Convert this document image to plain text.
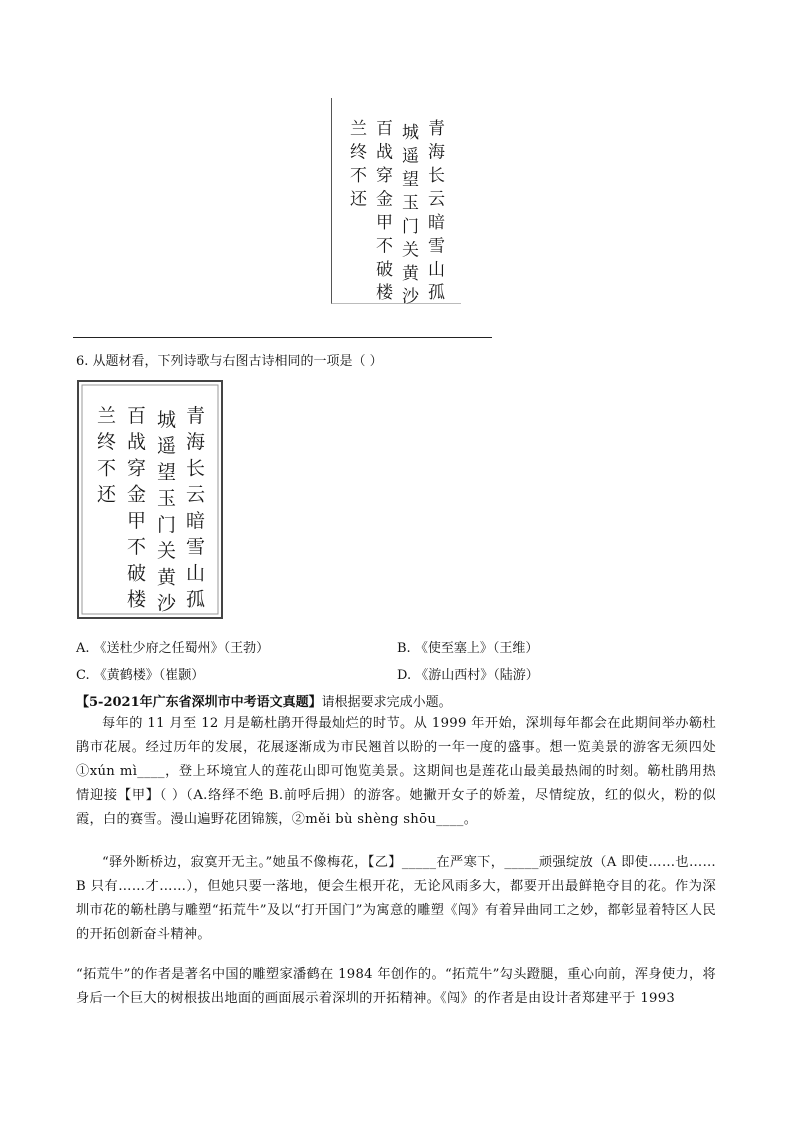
青海长云暗雪山孤
城遥望玉门关黄沙
百战穿金甲不破楼
兰终不还
6. 从题材看，下列诗歌与右图古诗相同的一项是（ ）
青海长云暗雪山孤
城遥望玉门关黄沙
百战穿金甲不破楼
兰终不还
A. 《送杜少府之任蜀州》（王勃）	B. 《使至塞上》（王维）
C. 《黄鹤楼》（崔颢）	D. 《游山西村》（陆游）
【5-2021年广东省深圳市中考语文真题】请根据要求完成小题。
每年的 11 月至 12 月是簕杜鹃开得最灿烂的时节。从 1999 年开始，深圳每年都会在此期间举办簕杜鹃市花展。经过历年的发展，花展逐渐成为市民翘首以盼的一年一度的盛事。想一览美景的游客无须四处①xún mì____，登上环境宜人的莲花山即可饱览美景。这期间也是莲花山最美最热闹的时刻。簕杜鹃用热情迎接【甲】（ ）（A.络绎不绝 B.前呼后拥）的游客。她撇开女子的娇羞，尽情绽放，红的似火，粉的似霞，白的赛雪。漫山遍野花团锦簇，②měi bù shèng shōu____。
“驿外断桥边，寂寞开无主。”她虽不像梅花，【乙】_____在严寒下，_____顽强绽放（A 即使……也……B 只有……才……），但她只要一落地，便会生根开花，无论风雨多大，都要开出最鲜艳夺目的花。作为深圳市花的簕杜鹃与雕塑“拓荒牛”及以“打开国门”为寓意的雕塑《闯》有着异曲同工之妙，都彰显着特区人民的开拓创新奋斗精神。
“拓荒牛”的作者是著名中国的雕塑家潘鹤在 1984 年创作的。“拓荒牛”勾头蹬腿，重心向前，浑身使力，将身后一个巨大的树根拔出地面的画面展示着深圳的开拓精神。《闯》的作者是由设计者郑建平于 1993
